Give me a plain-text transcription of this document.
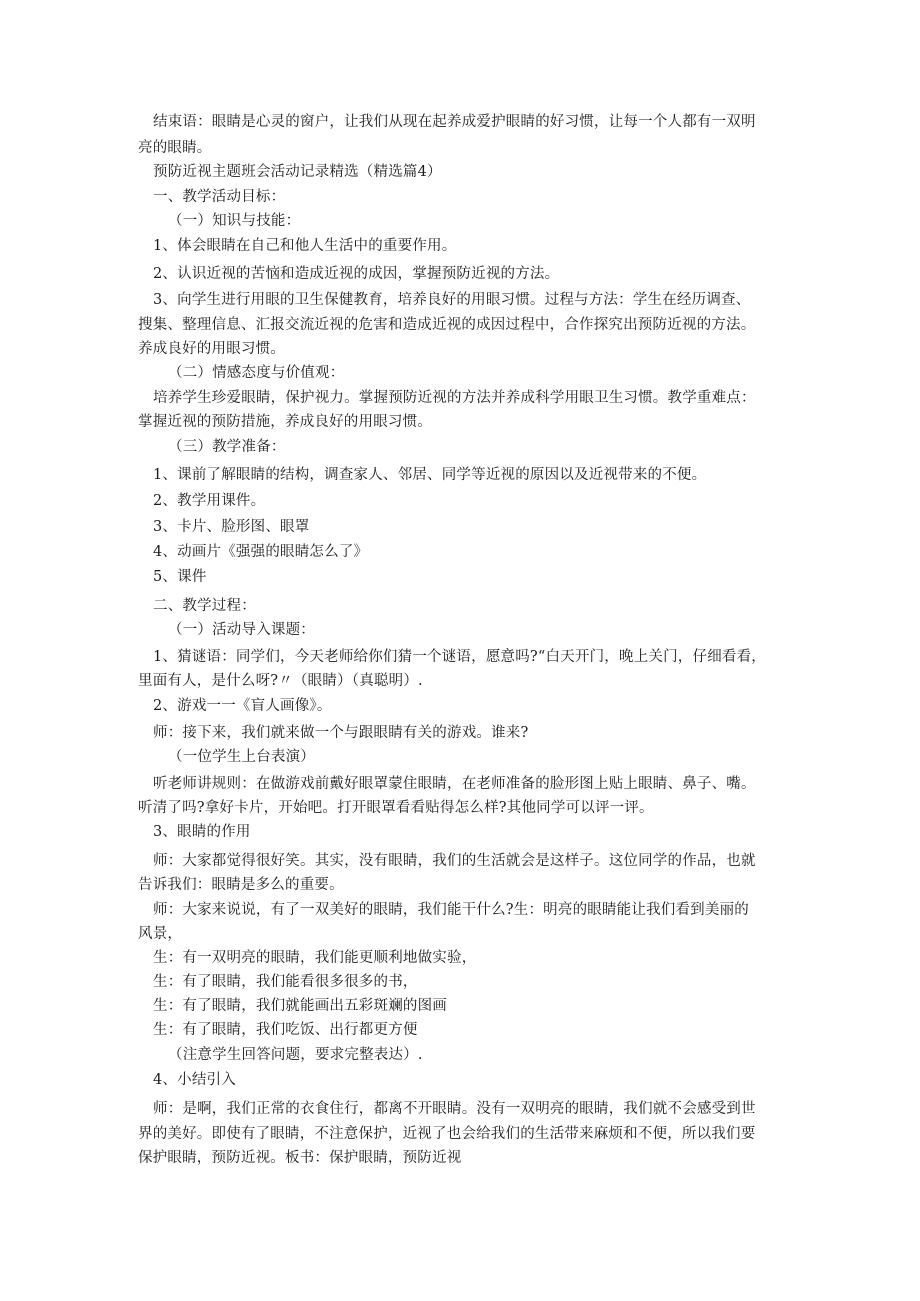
结束语：眼睛是心灵的窗户，让我们从现在起养成爱护眼睛的好习惯，让每一个人都有一双明
亮的眼睛。
预防近视主题班会活动记录精选（精选篇4）
一、教学活动目标：
（一）知识与技能：
1、体会眼睛在自己和他人生活中的重要作用。
2、认识近视的苦恼和造成近视的成因，掌握预防近视的方法。
3、向学生进行用眼的卫生保健教育，培养良好的用眼习惯。过程与方法：学生在经历调查、
搜集、整理信息、汇报交流近视的危害和造成近视的成因过程中，合作探究出预防近视的方法。
养成良好的用眼习惯。
（二）情感态度与价值观：
培养学生珍爱眼睛，保护视力。掌握预防近视的方法并养成科学用眼卫生习惯。教学重难点：
掌握近视的预防措施，养成良好的用眼习惯。
（三）教学准备：
1、课前了解眼睛的结构，调查家人、邻居、同学等近视的原因以及近视带来的不便。
2、教学用课件。
3、卡片、脸形图、眼罩
4、动画片《强强的眼睛怎么了》
5、课件
二、教学过程：
（一）活动导入课题：
1、猜谜语：同学们，今天老师给你们猜一个谜语，愿意吗?“白天开门，晚上关门，仔细看看，
里面有人，是什么呀?〃（眼睛）（真聪明）.
2、游戏一一《盲人画像》。
师：接下来，我们就来做一个与跟眼睛有关的游戏。谁来?
（一位学生上台表演）
听老师讲规则：在做游戏前戴好眼罩蒙住眼睛，在老师准备的脸形图上贴上眼睛、鼻子、嘴。
听清了吗?拿好卡片，开始吧。打开眼罩看看贴得怎么样?其他同学可以评一评。
3、眼睛的作用
师：大家都觉得很好笑。其实，没有眼睛，我们的生活就会是这样子。这位同学的作品，也就
告诉我们：眼睛是多么的重要。
师：大家来说说，有了一双美好的眼睛，我们能干什么?生：明亮的眼睛能让我们看到美丽的
风景，
生：有一双明亮的眼睛，我们能更顺利地做实验，
生：有了眼睛，我们能看很多很多的书，
生：有了眼睛，我们就能画出五彩斑斓的图画
生：有了眼睛，我们吃饭、出行都更方便
（注意学生回答问题，要求完整表达）.
4、小结引入
师：是啊，我们正常的衣食住行，都离不开眼睛。没有一双明亮的眼睛，我们就不会感受到世
界的美好。即使有了眼睛，不注意保护，近视了也会给我们的生活带来麻烦和不便，所以我们要
保护眼睛，预防近视。板书：保护眼睛，预防近视
